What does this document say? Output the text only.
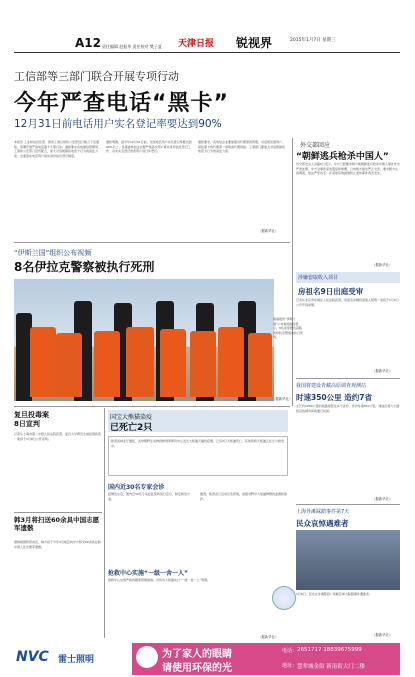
A12 责任编辑 赵振华 责任校对 樊子夏 天津日报 锐视界	2015年1月7日 星期三
工信部等三部门联合开展专项行动
今年严查电话“黑卡”
12月31日前电话用户实名登记率要达到90%
本报讯 工业和信息化部、国家工商总局和公安部近日联合下发通知，部署开展严查电话黑卡专项行动。通知要求各地通信管理局、工商和公安部门密切配合，加大对违规销售电话卡行为的查处力度，全面落实电话用户真实身份信息登记制度。
通知明确，到今年12月31日前，全国电话用户实名登记率要达到90%以上。各基础电信企业要严格落实用户真实身份信息登记工作，对未实名登记的老用户进行补登记。
通知要求，各电信企业要加强对代理商的管理，对违规发展用户、销售黑卡的代理商一律取消代理资格。工商部门要加大对违规销售电话卡行为的查处力度。
（据新华社）
外交部回应
“朝鲜逃兵枪杀中国人”
外交部发言人洪磊6日表示，中方已经要求朝方就朝鲜逃兵枪杀中国人事件作出严肃处理。中方对事件深表震惊和愤慨，已向朝方提出严正交涉，要求朝方认真调查，依法严惩凶手，并采取有效措施防止类似事件再次发生。
（据新华社）
“伊斯兰国”组织公布视频
8名伊拉克警察被执行死刑
极端组织“伊斯兰国”公布视频画面显示，8名身穿橙色囚服的伊拉克警察被执行死刑。
（据新华社）
涉嫌套取收入项目
房祖名9日出庭受审
记者从北京市东城区人民法院获悉，房祖名涉嫌容留他人吸毒一案将于1月9日公开开庭审理。
（据新华社）
我国将建设青藏高原调查观测站
时速350公里 造约7省
全长约1000公里的铁路将经过多个省份，设计时速350公里，建成后将大大缩短沿线城市间的通行时间。
（据新华社）
上海外滩踩踏事件第7天
民众哀悼遇难者
1月6日，民众在外滩陈毅广场献花悼念踩踏事件遇难者。
（据新华社）
复旦投毒案
8日宣判
记者从上海市第二中级人民法院获悉，复旦大学研究生被投毒致死一案将于1月8日公开宣判。
韩3月将扫送60余具中国志愿军遗骸
据韩国国防部消息，韩方将于今年3月前后向中方移交60余具在韩中国人民志愿军遗骸。
国宝大熊猫染疫
已死亡2只
陕西省林业厅通报，省珍稀野生动物抢救饲养研究中心发生大熊猫犬瘟热疫情，已有2只大熊猫死亡，其他患病大熊猫正在全力救治中。
国内近30名专家会诊
疫情发生后，国内近30名专家赶赴现场进行会诊，制定救治方案。
据悉，陕西省已启动应急预案，加强对野外大熊猫种群的监测和保护。
抢救中心实施“一级一舍一人”
抢救中心实施严格的隔离管理措施，对所有大熊猫实行“一级一舍一人”管理。
（据新华社）
NVC 雷士照明	为了家人的眼睛
请使用环保的光
电话： 2651717 18839675999
地址： 慧辈城金街 新南街大门二楼
